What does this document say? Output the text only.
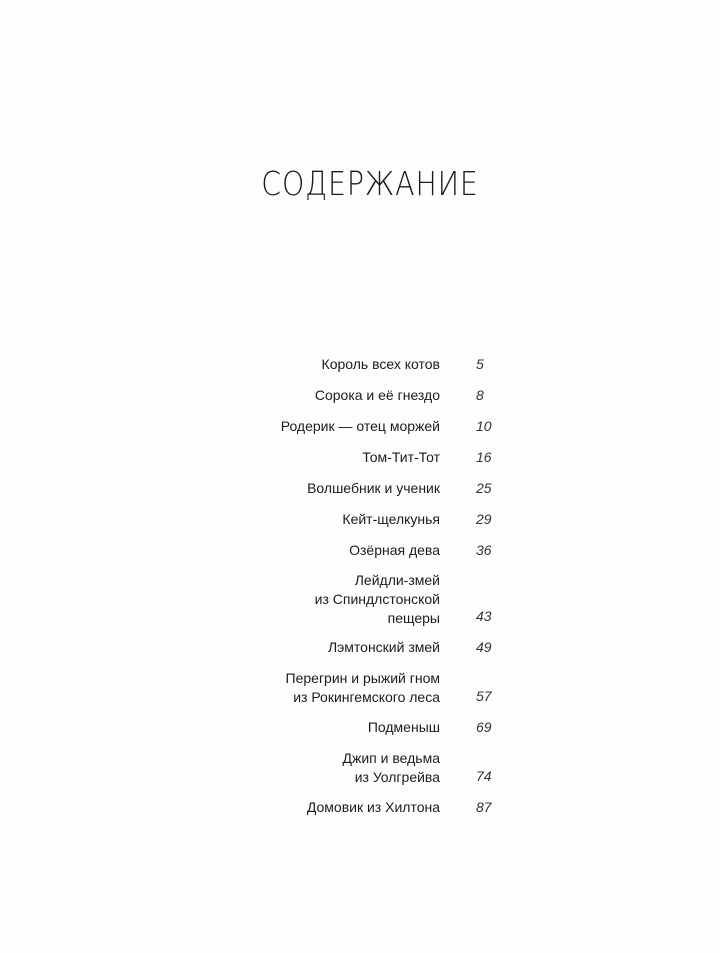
СОДЕРЖАНИЕ
Король всех котов	5
Сорока и её гнездо	8
Родерик — отец моржей	10
Том-Тит-Тот	16
Волшебник и ученик	25
Кейт-щелкунья	29
Озёрная дева	36
Лейдли-змей
из Спиндлстонской
пещеры	43
Лэмтонский змей	49
Перегрин и рыжий гном
из Рокингемского леса	57
Подменыш	69
Джип и ведьма
из Уолгрейва	74
Домовик из Хилтона	87
